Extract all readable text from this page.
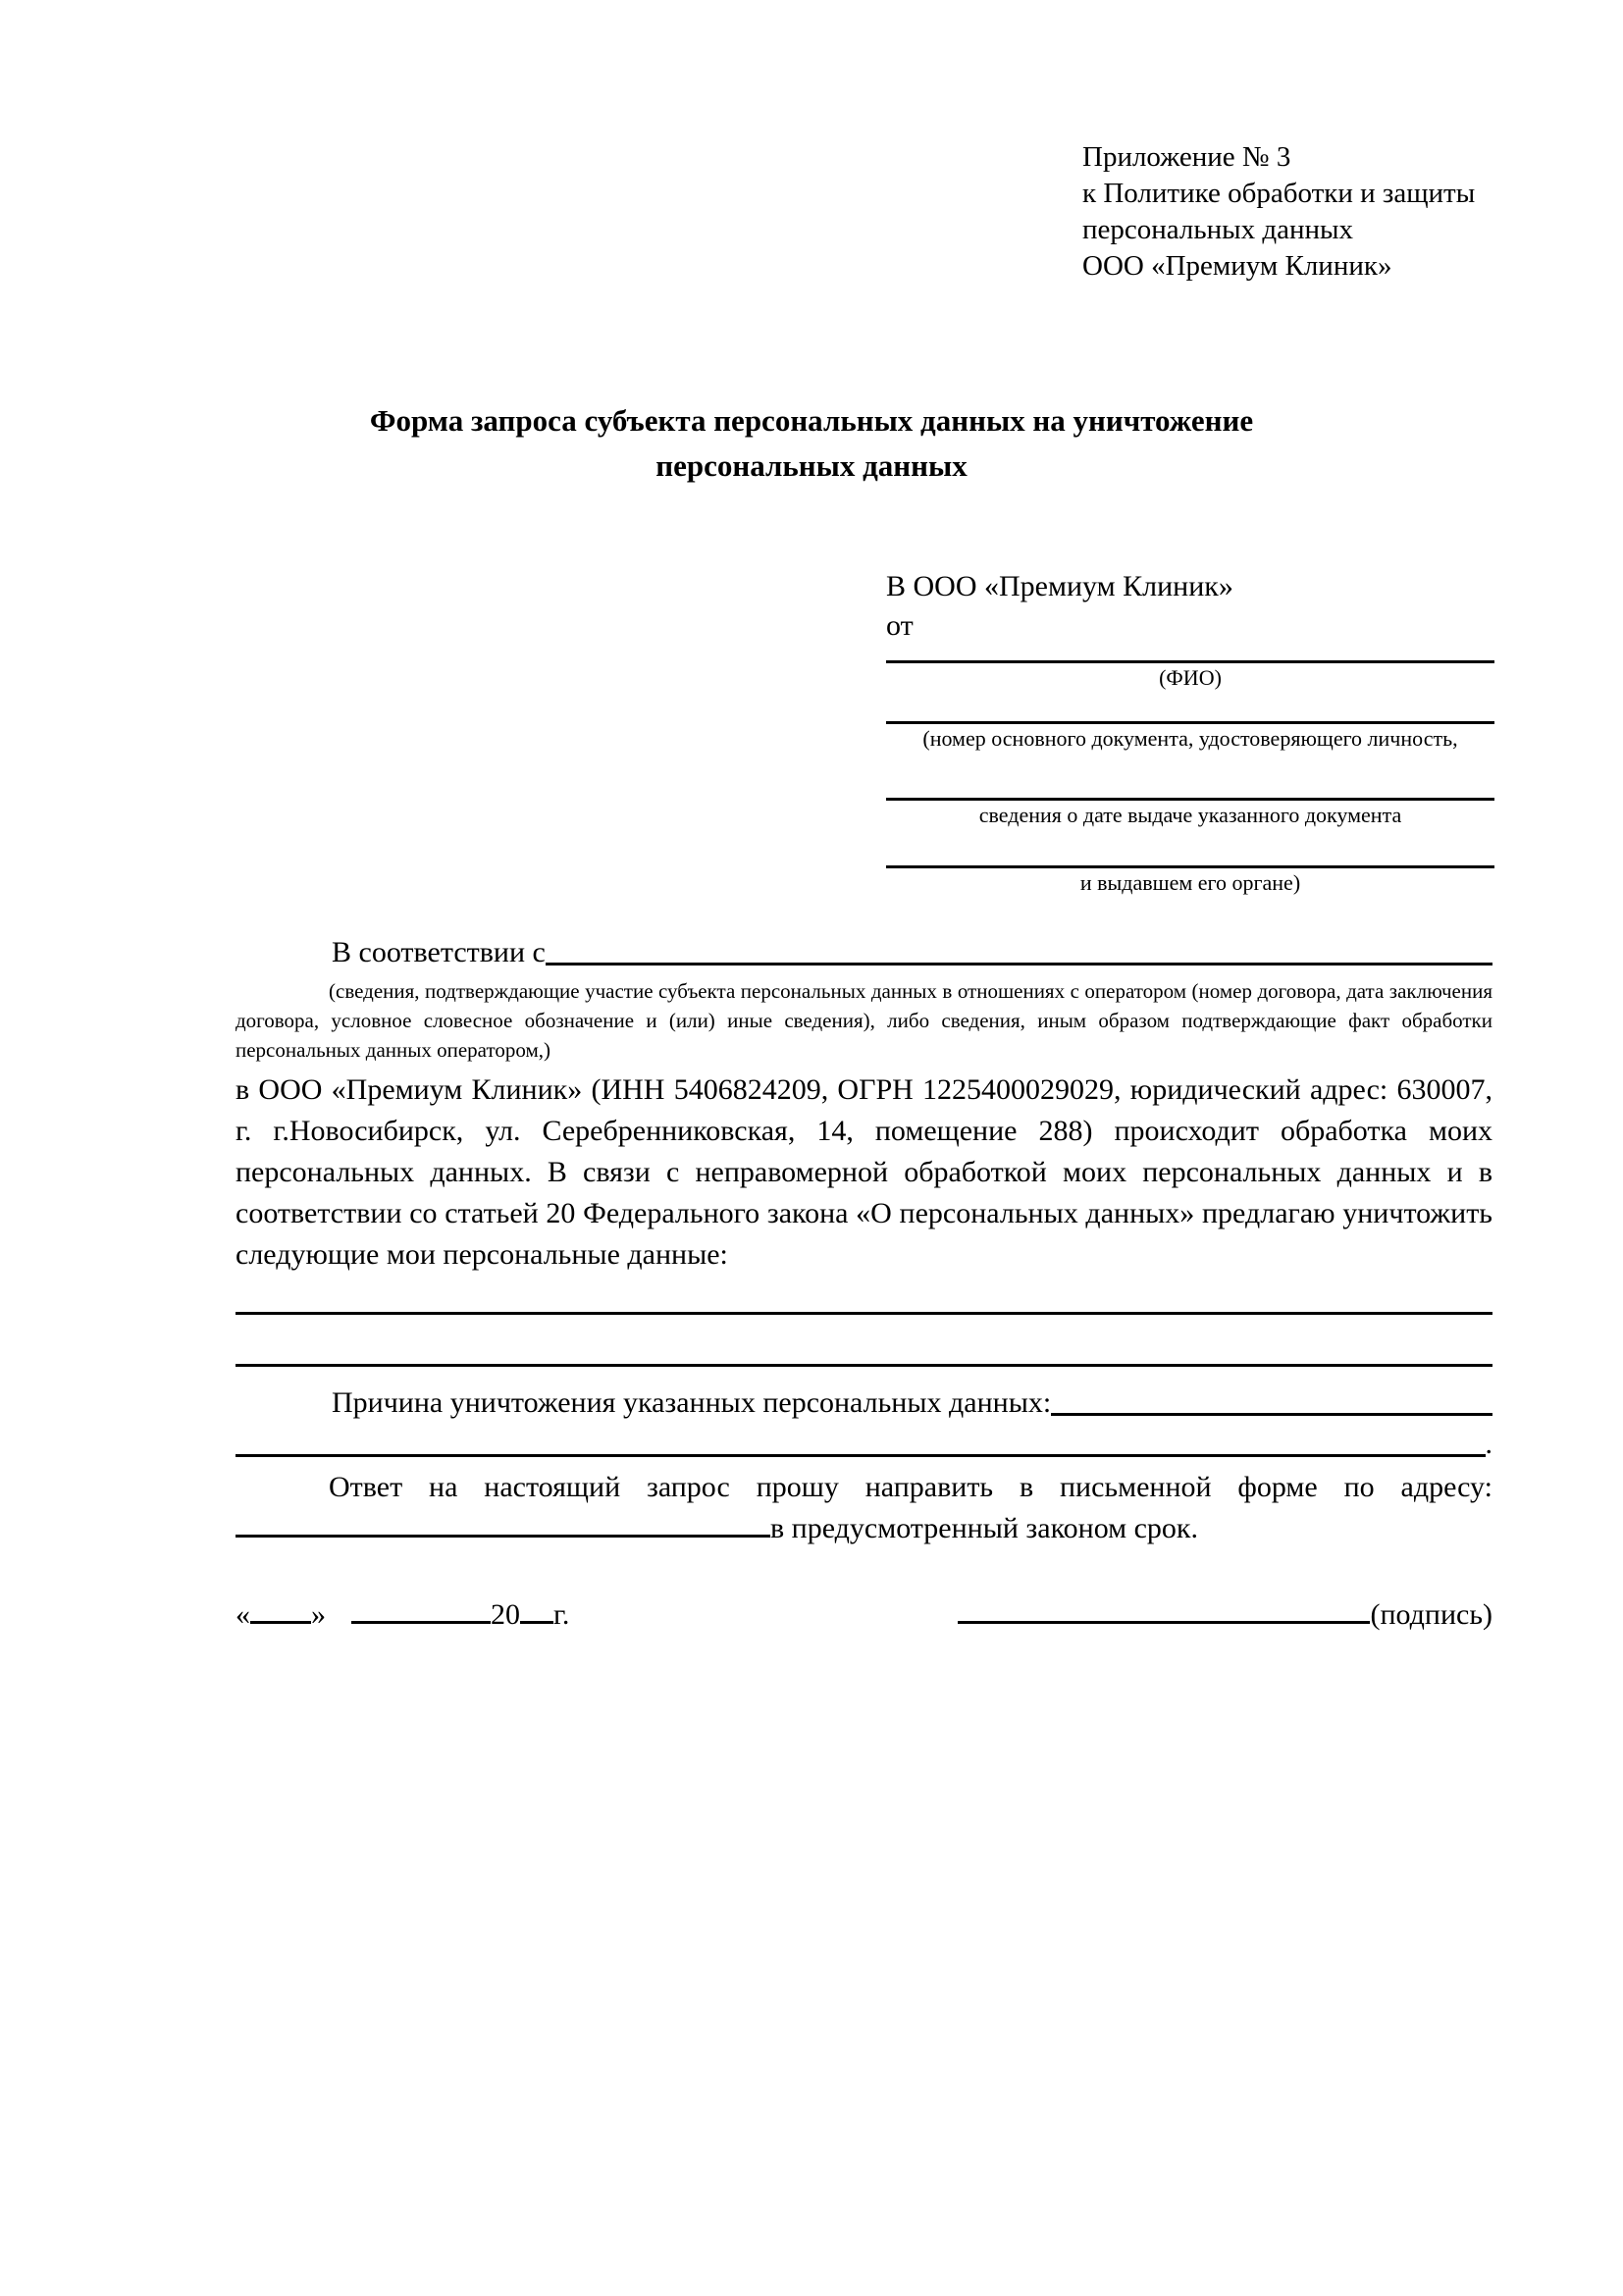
Приложение № 3
к Политике обработки и защиты
персональных данных
ООО «Премиум Клиник»
Форма запроса субъекта персональных данных на уничтожение
персональных данных
В ООО «Премиум Клиник»
от
(ФИО)
(номер основного документа, удостоверяющего личность,
сведения о дате выдаче указанного документа
и выдавшем его органе)
В соответствии с
(сведения, подтверждающие участие субъекта персональных данных в отношениях с оператором (номер договора, дата заключения договора, условное словесное обозначение и (или) иные сведения), либо сведения, иным образом подтверждающие факт обработки персональных данных оператором,)
в ООО «Премиум Клиник» (ИНН 5406824209, ОГРН 1225400029029, юридический адрес: 630007, г. г.Новосибирск, ул. Серебренниковская, 14, помещение 288) происходит обработка моих персональных данных. В связи с неправомерной обработкой моих персональных данных и в соответствии со статьей 20 Федерального закона «О персональных данных» предлагаю уничтожить следующие мои персональные данные:
Причина уничтожения указанных персональных данных:
.
Ответ на настоящий запрос прошу направить в письменной форме по адресу: в предусмотренный законом срок.
« »	20 г.	(подпись)
